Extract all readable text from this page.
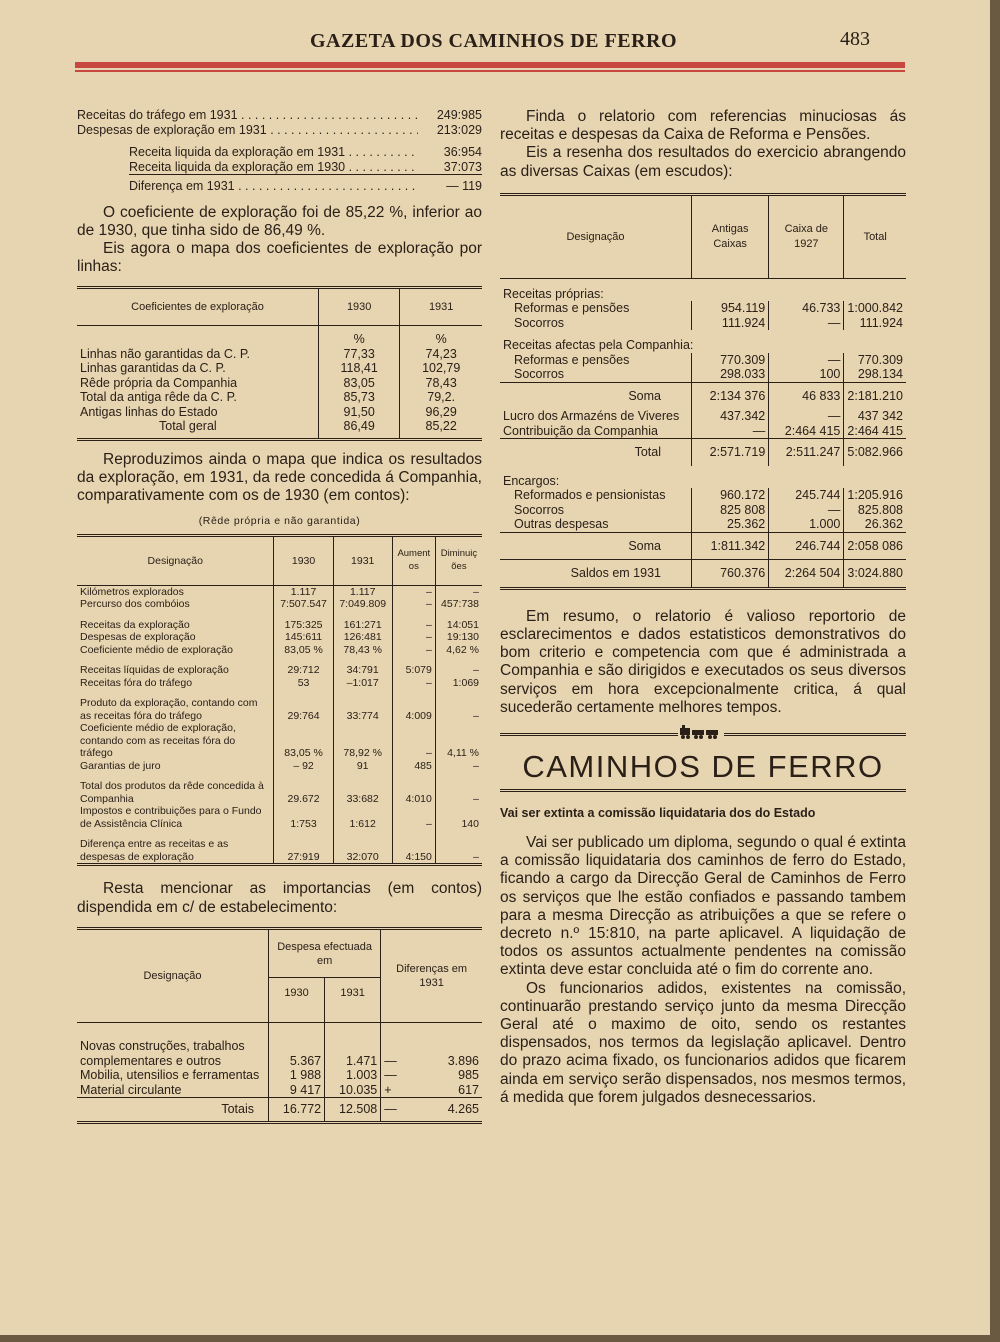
GAZETA DOS CAMINHOS DE FERRO	483
Receitas do tráfego em 1931 . . .	249:985
Despesas de exploração em 1931 . . .	213:029
Receita liquida da exploração em 1931 . . .	36:954
Receita liquida da exploração em 1930 . . .	37:073
Diferença em 1931 . . .	— 119

O coeficiente de exploração foi de 85,22 %, inferior ao de 1930, que tinha sido de 86,49 %.

Eis agora o mapa dos coeficientes de exploração por linhas:

Coeficientes de exploração	1930	1931
	%	%
Linhas não garantidas da C. P.	77,33	74,23
Linhas garantidas da C. P.	118,41	102,79
Rêde própria da Companhia	83,05	78,43
Total da antiga rêde da C. P.	85,73	79,2.
Antigas linhas do Estado	91,50	96,29
Total geral	86,49	85,22

Reproduzimos ainda o mapa que indica os resultados da exploração, em 1931, da rede concedida á Companhia, comparativamente com os de 1930 (em contos):

(Rêde própria e não garantida)
Designação	1930	1931	Aumentos	Diminuições
Kilómetros explorados	1.117	1.117	–	–
Percurso dos combóios	7:507.547	7:049.809	–	457:738
Receitas da exploração	175:325	161:271	–	14:051
Despesas de exploração	145:611	126:481	–	19:130
Coeficiente médio de exploração	83,05 %	78,43 %	–	4,62 %
Receitas líquidas de exploração	29:712	34:791	5:079	–
Receitas fóra do tráfego	53	–1:017	–	1:069
Produto da exploração, contando com as receitas fóra do tráfego	29:764	33:774	4:009	–
Coeficiente médio de exploração, contando com as receitas fóra do tráfego	83,05 %	78,92 %	–	4,11 %
Garantias de juro	– 92	91	485	–
Total dos produtos da rêde concedida à Companhia	29.672	33:682	4:010	–
Impostos e contribuições para o Fundo de Assistência Clínica	1:753	1:612	–	140
Diferença entre as receitas e as despesas de exploração	27:919	32:070	4:150	–

Resta mencionar as importancias (em contos) dispendida em c/ de estabelecimento:

Designação	Despesa efectuada em		Diferenças em 1931	
	1930	1931		
Novas construções, trabalhos complementares e outros	5.367	1.471	—	3.896
Mobilia, utensilios e ferramentas	1 988	1.003	—	985
Material circulante	9 417	10.035	+	617
Totais	16.772	12.508	—	4.265

Finda o relatorio com referencias minuciosas ás receitas e despesas da Caixa de Reforma e Pensões.

Eis a resenha dos resultados do exercicio abrangendo as diversas Caixas (em escudos):

Designação	Antigas Caixas	Caixa de 1927	Total
Receitas próprias:			
Reformas e pensões	954.119	46.733	1:000.842
Socorros	111.924	—	111.924
Receitas afectas pela Companhia:			
Reformas e pensões	770.309	—	770.309
Socorros	298.033	100	298.134
Soma	2:134 376	46 833	2:181.210
Lucro dos Armazéns de Viveres	437.342	—	437 342
Contribuição da Companhia	—	2:464 415	2:464 415
Total	2:571.719	2:511.247	5:082.966
Encargos:			
Reformados e pensionistas	960.172	245.744	1:205.916
Socorros	825 808	—	825.808
Outras despesas	25.362	1.000	26.362
Soma	1:811.342	246.744	2:058 086
Saldos em 1931	760.376	2:264 504	3:024.880

Em resumo, o relatorio é valioso reportorio de esclarecimentos e dados estatisticos demonstrativos do bom criterio e competencia com que é administrada a Companhia e são dirigidos e executados os seus diversos serviços em hora excepcionalmente critica, á qual sucederão certamente melhores tempos.

CAMINHOS DE FERRO
Vai ser extinta a comissão liquidataria dos do Estado

Vai ser publicado um diploma, segundo o qual é extinta a comissão liquidataria dos caminhos de ferro do Estado, ficando a cargo da Direcção Geral de Caminhos de Ferro os serviços que lhe estão confiados e passando tambem para a mesma Direcção as atribuições a que se refere o decreto n.º 15:810, na parte aplicavel. A liquidação de todos os assuntos actualmente pendentes na comissão extinta deve estar concluida até o fim do corrente ano.

Os funcionarios adidos, existentes na comissão, continuarão prestando serviço junto da mesma Direcção Geral até o maximo de oito, sendo os restantes dispensados, nos termos da legislação aplicavel. Dentro do prazo acima fixado, os funcionarios adidos que ficarem ainda em serviço serão dispensados, nos mesmos termos, á medida que forem julgados desnecessarios.
